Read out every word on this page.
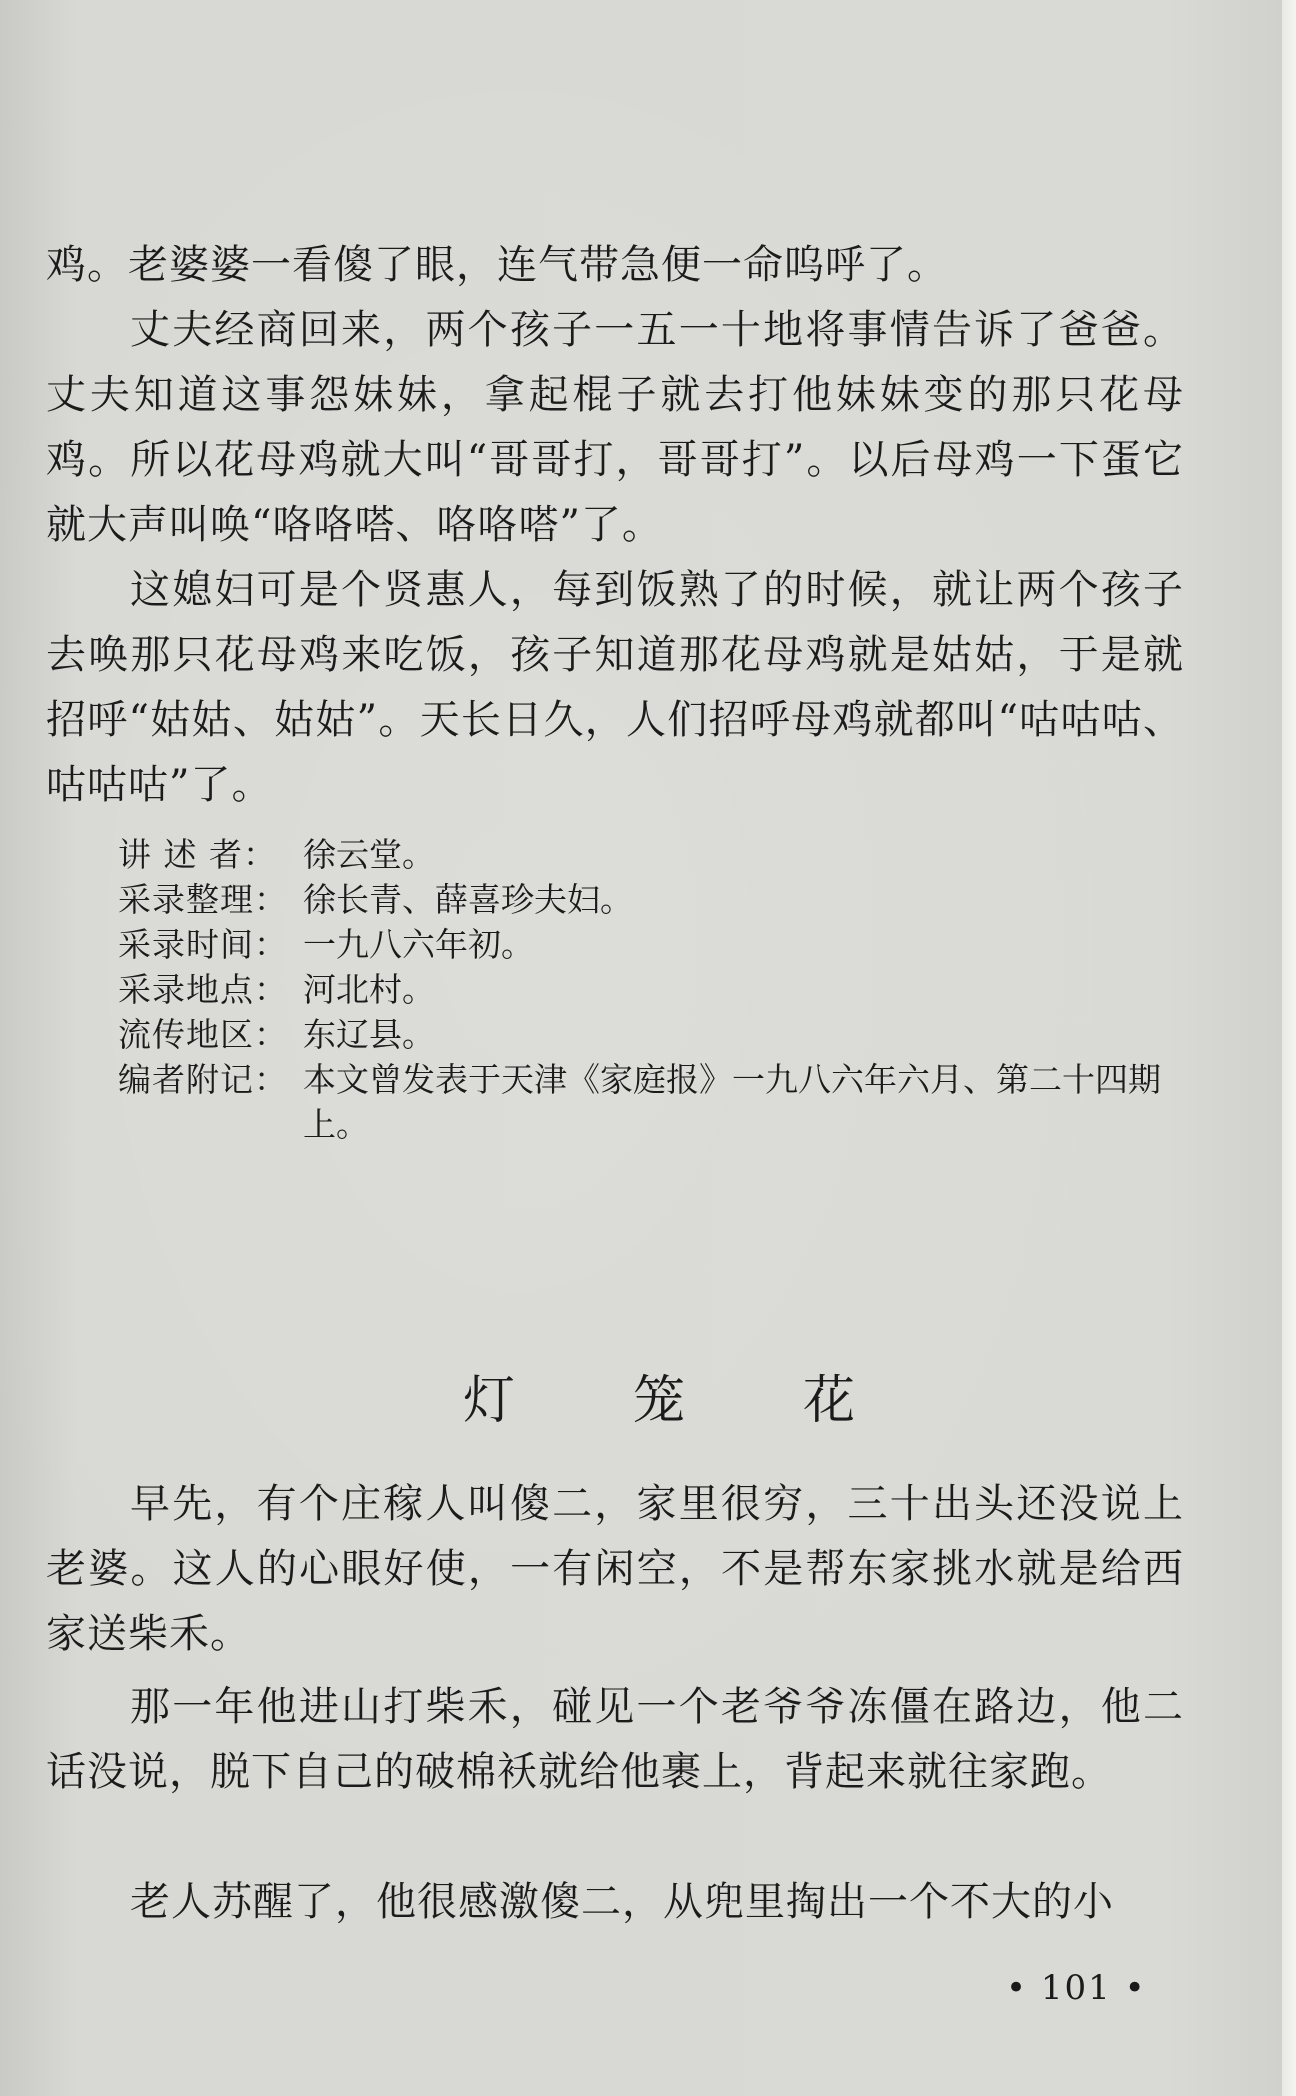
鸡。老婆婆一看傻了眼，连气带急便一命呜呼了。

丈夫经商回来，两个孩子一五一十地将事情告诉了爸爸。丈夫知道这事怨妹妹，拿起棍子就去打他妹妹变的那只花母鸡。所以花母鸡就大叫“哥哥打，哥哥打”。以后母鸡一下蛋它就大声叫唤“咯咯嗒、咯咯嗒”了。

这媳妇可是个贤惠人，每到饭熟了的时候，就让两个孩子去唤那只花母鸡来吃饭，孩子知道那花母鸡就是姑姑，于是就招呼“姑姑、姑姑”。天长日久，人们招呼母鸡就都叫“咕咕咕、咕咕咕”了。

讲 述 者： 徐云堂。
采录整理： 徐长青、薛喜珍夫妇。
采录时间： 一九八六年初。
采录地点： 河北村。
流传地区： 东辽县。
编者附记： 本文曾发表于天津《家庭报》一九八六年六月、第二十四期上。
灯笼花

早先，有个庄稼人叫傻二，家里很穷，三十出头还没说上老婆。这人的心眼好使，一有闲空，不是帮东家挑水就是给西家送柴禾。

那一年他进山打柴禾，碰见一个老爷爷冻僵在路边，他二话没说，脱下自己的破棉袄就给他裹上，背起来就往家跑。

老人苏醒了，他很感激傻二，从兜里掏出一个不大的小

• 101 •
